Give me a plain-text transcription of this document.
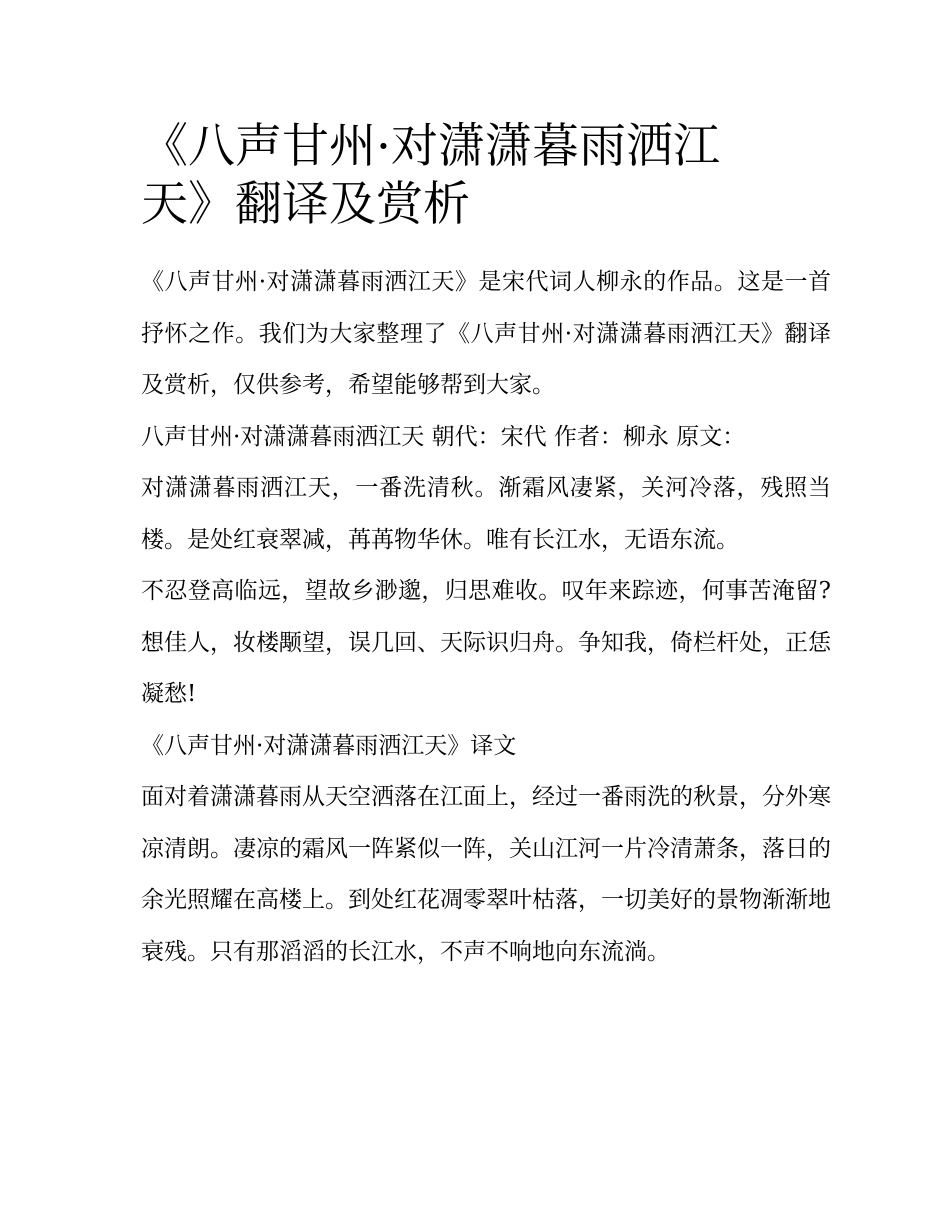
《八声甘州·对潇潇暮雨洒江天》翻译及赏析

《八声甘州·对潇潇暮雨洒江天》是宋代词人柳永的作品。这是一首抒怀之作。我们为大家整理了《八声甘州·对潇潇暮雨洒江天》翻译及赏析，仅供参考，希望能够帮到大家。

八声甘州·对潇潇暮雨洒江天 朝代：宋代 作者：柳永 原文：

对潇潇暮雨洒江天，一番洗清秋。渐霜风凄紧，关河冷落，残照当楼。是处红衰翠减，苒苒物华休。唯有长江水，无语东流。

不忍登高临远，望故乡渺邈，归思难收。叹年来踪迹，何事苦淹留?想佳人，妆楼颙望，误几回、天际识归舟。争知我，倚栏杆处，正恁凝愁!

《八声甘州·对潇潇暮雨洒江天》译文

面对着潇潇暮雨从天空洒落在江面上，经过一番雨洗的秋景，分外寒凉清朗。凄凉的霜风一阵紧似一阵，关山江河一片冷清萧条，落日的余光照耀在高楼上。到处红花凋零翠叶枯落，一切美好的景物渐渐地衰残。只有那滔滔的长江水，不声不响地向东流淌。
